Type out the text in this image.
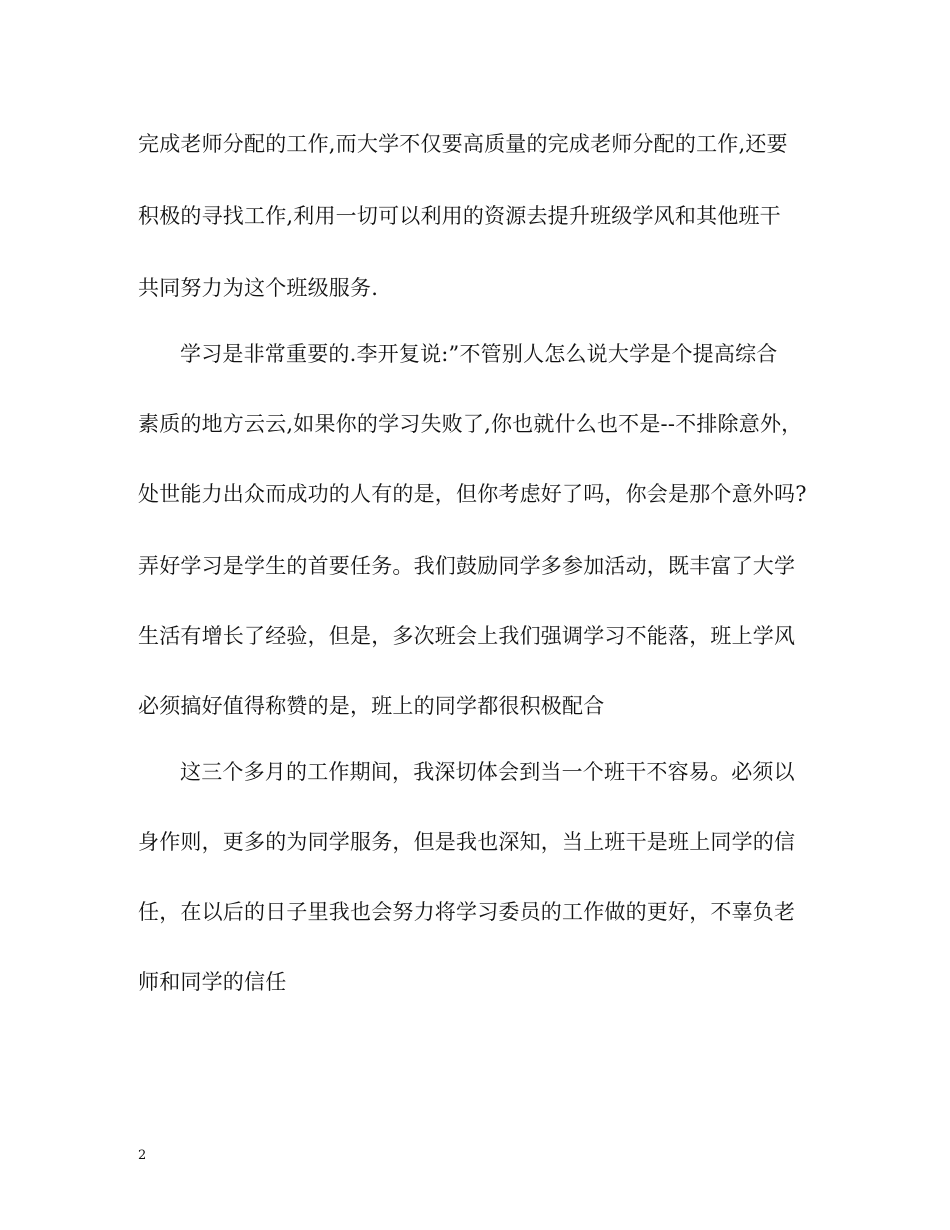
完成老师分配的工作,而大学不仅要高质量的完成老师分配的工作,还要
积极的寻找工作,利用一切可以利用的资源去提升班级学风和其他班干
共同努力为这个班级服务.
学习是非常重要的.李开复说:”不管别人怎么说大学是个提高综合
素质的地方云云,如果你的学习失败了,你也就什么也不是--不排除意外，
处世能力出众而成功的人有的是，但你考虑好了吗，你会是那个意外吗?
弄好学习是学生的首要任务。我们鼓励同学多参加活动，既丰富了大学
生活有增长了经验，但是，多次班会上我们强调学习不能落，班上学风
必须搞好值得称赞的是，班上的同学都很积极配合
这三个多月的工作期间，我深切体会到当一个班干不容易。必须以
身作则，更多的为同学服务，但是我也深知，当上班干是班上同学的信
任，在以后的日子里我也会努力将学习委员的工作做的更好，不辜负老
师和同学的信任
2
